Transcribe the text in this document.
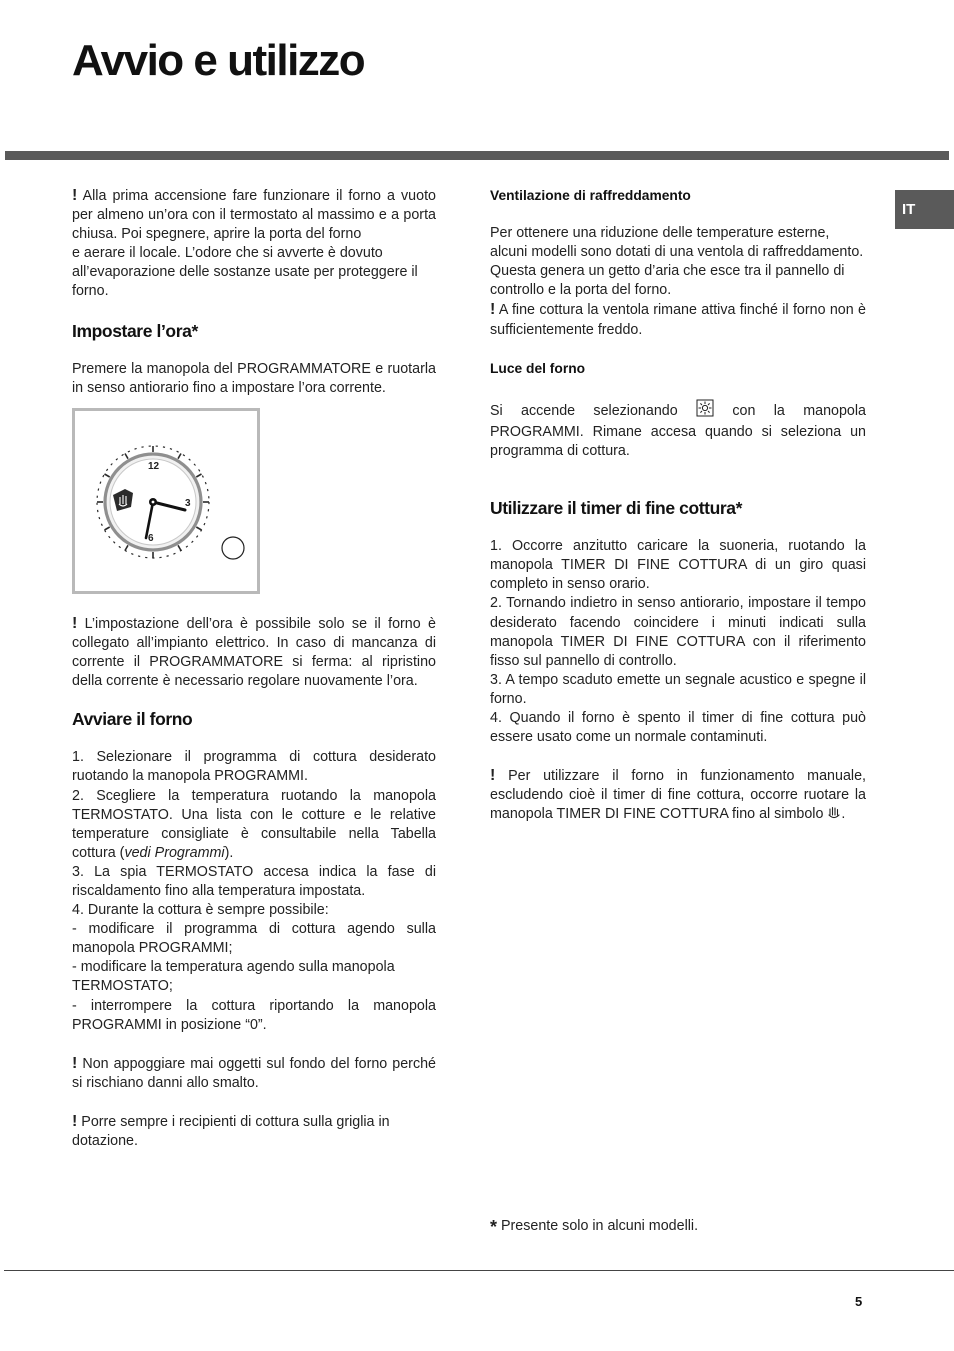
Avvio e utilizzo
IT

! Alla prima accensione fare funzionare il forno a vuoto per almeno un’ora con il termostato al massimo e a porta chiusa. Poi spegnere, aprire la porta del forno

e aerare il locale. L’odore che si avverte è dovuto all’evaporazione delle sostanze usate per proteggere il forno.

Impostare l’ora*

Premere la manopola del PROGRAMMATORE e ruotarla in senso antiorario fino a impostare l’ora corrente.

12
3
6

! L’impostazione dell’ora è possibile solo se il forno è collegato all’impianto elettrico. In caso di mancanza di corrente il PROGRAMMATORE si ferma: al ripristino della corrente è necessario regolare nuovamente l’ora.

Avviare il forno

1. Selezionare il programma di cottura desiderato ruotando la manopola PROGRAMMI.

2. Scegliere la temperatura ruotando la manopola TERMOSTATO. Una lista con le cotture e le relative temperature consigliate è consultabile nella Tabella cottura (vedi Programmi).

3. La spia TERMOSTATO accesa indica la fase di riscaldamento fino alla temperatura impostata.

4. Durante la cottura è sempre possibile:

- modificare il programma di cottura agendo sulla manopola PROGRAMMI;

- modificare la temperatura agendo sulla manopola TERMOSTATO;

- interrompere la cottura riportando la manopola PROGRAMMI in posizione “0”.

! Non appoggiare mai oggetti sul fondo del forno perché si rischiano danni allo smalto.

! Porre sempre i recipienti di cottura sulla griglia in dotazione.

Ventilazione di raffreddamento

Per ottenere una riduzione delle temperature esterne, alcuni modelli sono dotati di una ventola di raffreddamento. Questa genera un getto d’aria che esce tra il pannello di controllo e la porta del forno.

! A fine cottura la ventola rimane attiva finché il forno non è sufficientemente freddo.

Luce del forno

Si accende selezionando  con la manopola PROGRAMMI. Rimane accesa quando si seleziona un programma di cottura.

Utilizzare il timer di fine cottura*

1. Occorre anzitutto caricare la suoneria, ruotando la manopola TIMER DI FINE COTTURA di un giro quasi completo in senso orario.

2. Tornando indietro in senso antiorario, impostare il tempo desiderato facendo coincidere i minuti indicati sulla manopola TIMER DI FINE COTTURA con il riferimento fisso sul pannello di controllo.

3. A tempo scaduto emette un segnale acustico e spegne il forno.

4. Quando il forno è spento il timer di fine cottura può essere usato come un normale contaminuti.

! Per utilizzare il forno in funzionamento manuale, escludendo cioè il timer di fine cottura, occorre ruotare la manopola TIMER DI FINE COTTURA fino al simbolo .

* Presente solo in alcuni modelli.
5
